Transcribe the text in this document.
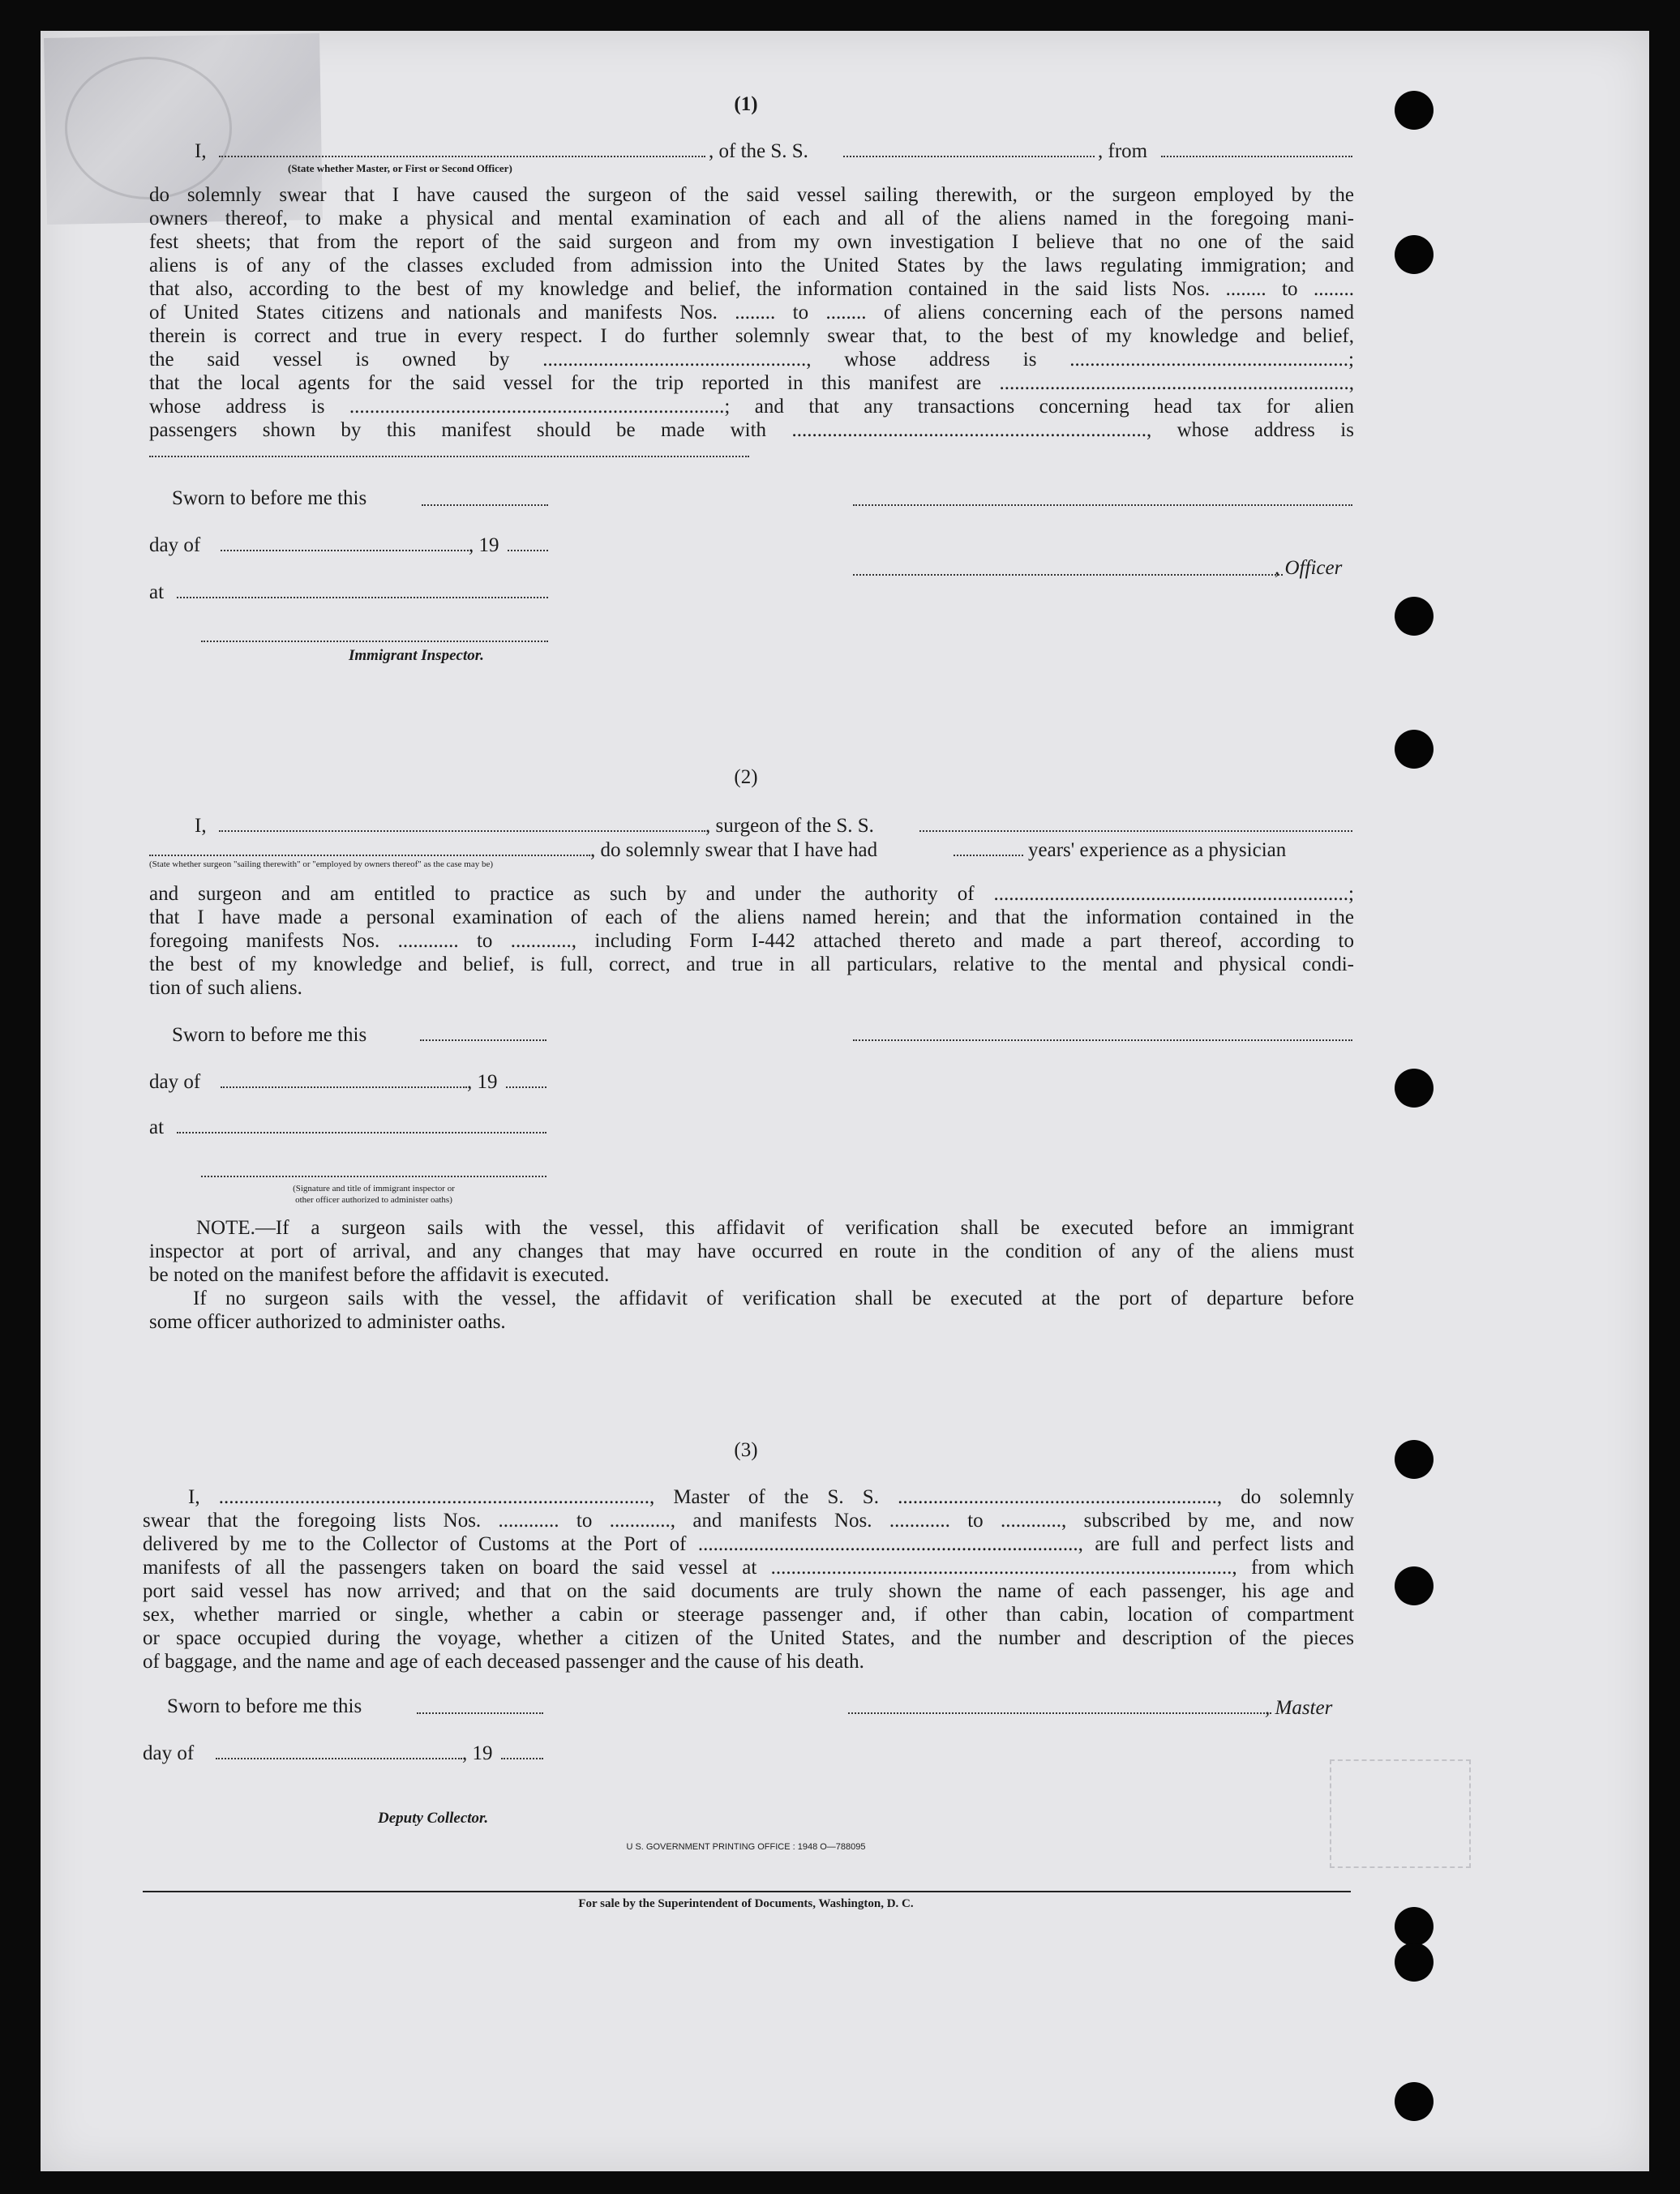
(1)
I,	, of the S. S.	, from
(State whether Master, or First or Second Officer)
do solemnly swear that I have caused the surgeon of the said vessel sailing therewith, or the surgeon employed by the
owners thereof, to make a physical and mental examination of each and all of the aliens named in the foregoing mani-
fest sheets; that from the report of the said surgeon and from my own investigation I believe that no one of the said
aliens is of any of the classes excluded from admission into the United States by the laws regulating immigration; and
that also, according to the best of my knowledge and belief, the information contained in the said lists Nos. ........ to ........
of United States citizens and nationals and manifests Nos. ........ to ........ of aliens concerning each of the persons named
therein is correct and true in every respect. I do further solemnly swear that, to the best of my knowledge and belief,
the said vessel is owned by ...................................................., whose address is .......................................................;
that the local agents for the said vessel for the trip reported in this manifest are .....................................................................,
whose address is ..........................................................................; and that any transactions concerning head tax for alien
passengers shown by this manifest should be made with ......................................................................, whose address is
Sworn to before me this
day of	, 19
, Officer
at
Immigrant Inspector.
(2)
I,	, surgeon of the S. S.
, do solemnly swear that I have had	years' experience as a physician
(State whether surgeon "sailing therewith" or "employed by owners thereof" as the case may be)
and surgeon and am entitled to practice as such by and under the authority of ......................................................................;
that I have made a personal examination of each of the aliens named herein; and that the information contained in the
foregoing manifests Nos. ............ to ............, including Form I-442 attached thereto and made a part thereof, according to
the best of my knowledge and belief, is full, correct, and true in all particulars, relative to the mental and physical condi-
tion of such aliens.
Sworn to before me this
day of	, 19
at
(Signature and title of immigrant inspector or
other officer authorized to administer oaths)
NOTE.—If a surgeon sails with the vessel, this affidavit of verification shall be executed before an immigrant
inspector at port of arrival, and any changes that may have occurred en route in the condition of any of the aliens must
be noted on the manifest before the affidavit is executed.
If no surgeon sails with the vessel, the affidavit of verification shall be executed at the port of departure before
some officer authorized to administer oaths.
(3)
I, ....................................................................................., Master of the S. S. ..............................................................., do solemnly
swear that the foregoing lists Nos. ............ to ............, and manifests Nos. ............ to ............, subscribed by me, and now
delivered by me to the Collector of Customs at the Port of ..........................................................................., are full and perfect lists and
manifests of all the passengers taken on board the said vessel at ..........................................................................................., from which
port said vessel has now arrived; and that on the said documents are truly shown the name of each passenger, his age and
sex, whether married or single, whether a cabin or steerage passenger and, if other than cabin, location of compartment
or space occupied during the voyage, whether a citizen of the United States, and the number and description of the pieces
of baggage, and the name and age of each deceased passenger and the cause of his death.
Sworn to before me this	, Master
day of	, 19
Deputy Collector.
U S. GOVERNMENT PRINTING OFFICE : 1948 O—788095
For sale by the Superintendent of Documents, Washington, D. C.
